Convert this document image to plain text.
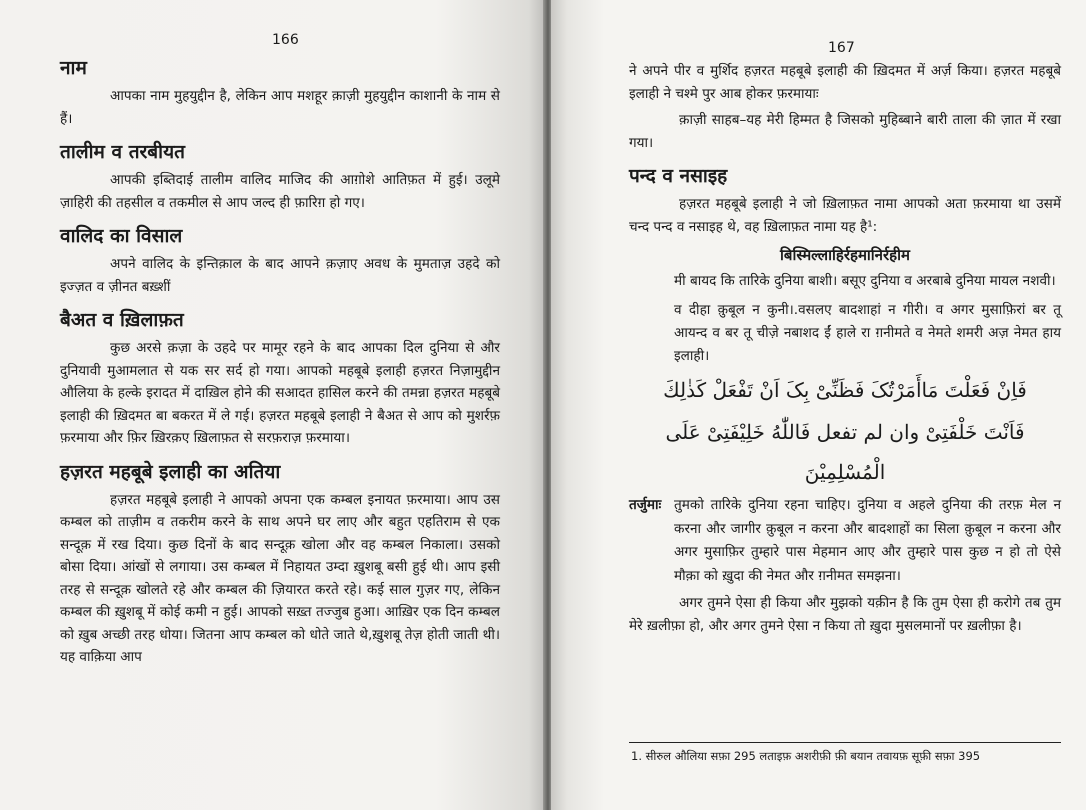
166
नाम

आपका नाम मुहयुद्दीन है, लेकिन आप मशहूर क़ाज़ी मुहयुद्दीन काशानी के नाम से हैं।

तालीम व तरबीयत

आपकी इब्तिदाई तालीम वालिद माजिद की आग़ोशे आतिफ़त में हुई। उलूमे ज़ाहिरी की तहसील व तकमील से आप जल्द ही फ़ारिग़ हो गए।

वालिद का विसाल

अपने वालिद के इन्तिक़ाल के बाद आपने क़ज़ाए अवध के मुमताज़ उहदे को इज्ज़त व ज़ीनत बख़्शीं

बैअत व ख़िलाफ़त

कुछ अरसे क़ज़ा के उहदे पर मामूर रहने के बाद आपका दिल दुनिया से और दुनियावी मुआमलात से यक सर सर्द हो गया। आपको महबूबे इलाही हज़रत निज़ामुद्दीन औलिया के हल्के इरादत में दाख़िल होने की सआदत हासिल करने की तमन्ना हज़रत महबूबे इलाही की ख़िदमत बा बकरत में ले गई। हज़रत महबूबे इलाही ने बैअत से आप को मुशर्रफ़ फ़रमाया और फ़िर ख़िरक़ए ख़िलाफ़त से सरफ़राज़ फ़रमाया।

हज़रत महबूबे इलाही का अतिया

हज़रत महबूबे इलाही ने आपको अपना एक कम्बल इनायत फ़रमाया। आप उस कम्बल को ताज़ीम व तकरीम करने के साथ अपने घर लाए और बहुत एहतिराम से एक सन्दूक़ में रख दिया। कुछ दिनों के बाद सन्दूक़ खोला और वह कम्बल निकाला। उसको बोसा दिया। आंखों से लगाया। उस कम्बल में निहायत उम्दा ख़ुशबू बसी हुई थी। आप इसी तरह से सन्दूक़ खोलते रहे और कम्बल की ज़ियारत करते रहे। कई साल गुज़र गए, लेकिन कम्बल की ख़ुशबू में कोई कमी न हुई। आपको सख़्त तज्जुब हुआ। आख़िर एक दिन कम्बल को ख़ुब अच्छी तरह धोया। जितना आप कम्बल को धोते जाते थे,ख़ुशबू तेज़ होती जाती थी। यह वाक़िया आप

167

ने अपने पीर व मुर्शिद हज़रत महबूबे इलाही की ख़िदमत में अर्ज़ किया। हज़रत महबूबे इलाही ने चश्मे पुर आब होकर फ़रमायाः

क़ाज़ी साहब–यह मेरी हिम्मत है जिसको मुहिब्बाने बारी ताला की ज़ात में रखा गया।

पन्द व नसाइह

हज़रत महबूबे इलाही ने जो ख़िलाफ़त नामा आपको अता फ़रमाया था उसमें चन्द पन्द व नसाइह थे, वह ख़िलाफ़त नामा यह है¹:

बिस्मिल्लाहिर्रहमानिर्रहीम
मी बायद कि तारिके दुनिया बाशी। बसूए दुनिया व अरबाबे दुनिया मायल नशवी।
व दीहा क़ुबूल न कुनी।.वसलए बादशाहां न गीरी। व अगर मुसाफ़िरां बर तू आयन्द व बर तू चीज़े नबाशद ईं हाले रा ग़नीमते व नेमते शमरी अज़ नेमत हाय इलाही।
فَاِنْ فَعَلْتَ مَاأَمَرْتُکَ فَظَنِّیْ بِکَ اَنْ تَفْعَلْ كَذٰلِكَ
فَاَنْتَ خَلْفَتِیْ وان لم تفعل فَاللّٰهُ خَلِیْفَتِیْ عَلَی الْمُسْلِمِیْنَ
तर्जुमाः तुमको तारिके दुनिया रहना चाहिए। दुनिया व अहले दुनिया की तरफ़ मेल न करना और जागीर क़ुबूल न करना और बादशाहों का सिला क़ुबूल न करना और अगर मुसाफ़िर तुम्हारे पास मेहमान आए और तुम्हारे पास कुछ न हो तो ऐसे मौक़ा को ख़ुदा की नेमत और ग़नीमत समझना।

अगर तुमने ऐसा ही किया और मुझको यक़ीन है कि तुम ऐसा ही करोगे तब तुम मेरे ख़लीफ़ा हो, और अगर तुमने ऐसा न किया तो ख़ुदा मुसलमानों पर ख़लीफ़ा है।

1. सीरुल औलिया सफ़ा 295 लताइफ़ अशरीफ़ी फ़ी बयान तवायफ़ सूफ़ी सफ़ा 395
